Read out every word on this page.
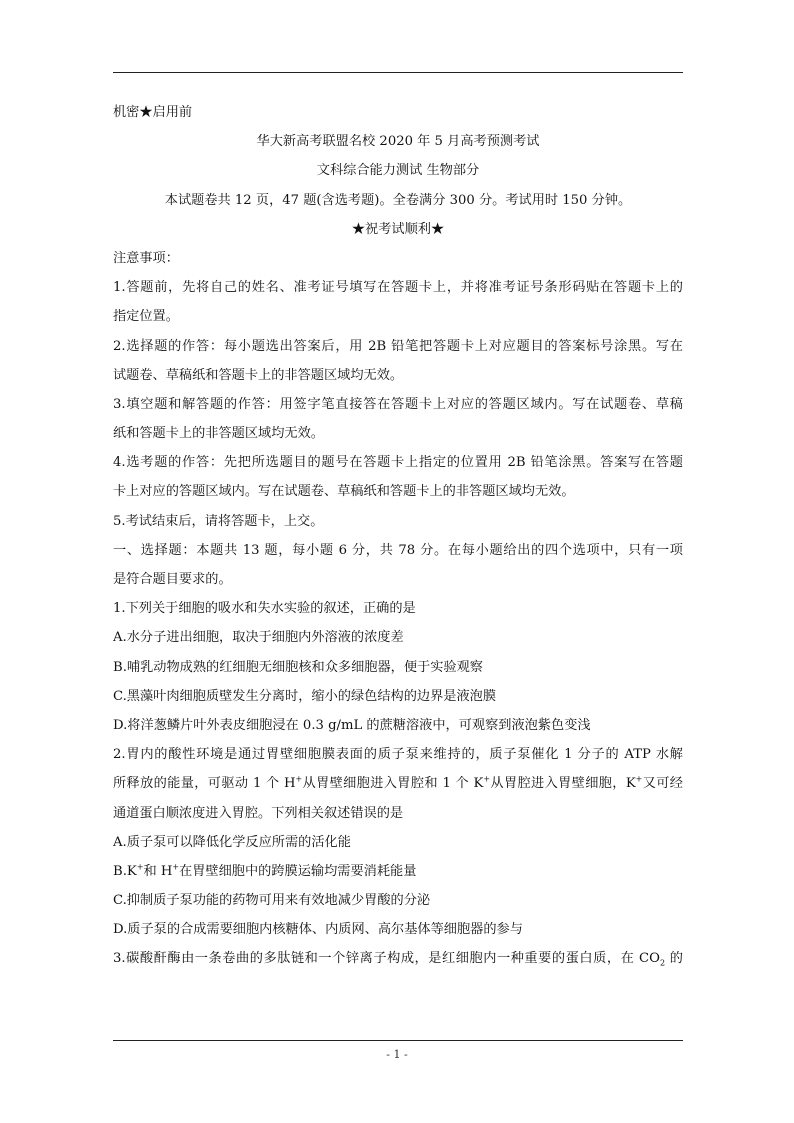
机密★启用前
华大新高考联盟名校 2020 年 5 月高考预测考试
文科综合能力测试 生物部分
本试题卷共 12 页，47 题(含选考题)。全卷满分 300 分。考试用时 150 分钟。
★祝考试顺利★
注意事项：
1.答题前，先将自己的姓名、准考证号填写在答题卡上，并将准考证号条形码贴在答题卡上的
指定位置。
2.选择题的作答：每小题选出答案后，用 2B 铅笔把答题卡上对应题目的答案标号涂黑。写在
试题卷、草稿纸和答题卡上的非答题区域均无效。
3.填空题和解答题的作答：用签字笔直接答在答题卡上对应的答题区域内。写在试题卷、草稿
纸和答题卡上的非答题区域均无效。
4.选考题的作答：先把所选题目的题号在答题卡上指定的位置用 2B 铅笔涂黑。答案写在答题
卡上对应的答题区域内。写在试题卷、草稿纸和答题卡上的非答题区域均无效。
5.考试结束后，请将答题卡，上交。
一、选择题：本题共 13 题，每小题 6 分，共 78 分。在每小题给出的四个选项中，只有一项
是符合题目要求的。
1.下列关于细胞的吸水和失水实验的叙述，正确的是
A.水分子进出细胞，取决于细胞内外溶液的浓度差
B.哺乳动物成熟的红细胞无细胞核和众多细胞器，便于实验观察
C.黑藻叶肉细胞质壁发生分离时，缩小的绿色结构的边界是液泡膜
D.将洋葱鳞片叶外表皮细胞浸在 0.3 g/mL 的蔗糖溶液中，可观察到液泡紫色变浅
2.胃内的酸性环境是通过胃壁细胞膜表面的质子泵来维持的，质子泵催化 1 分子的 ATP 水解
所释放的能量，可驱动 1 个 H+从胃壁细胞进入胃腔和 1 个 K+从胃腔进入胃壁细胞，K+又可经
通道蛋白顺浓度进入胃腔。下列相关叙述错误的是
A.质子泵可以降低化学反应所需的活化能
B.K+和 H+在胃壁细胞中的跨膜运输均需要消耗能量
C.抑制质子泵功能的药物可用来有效地减少胃酸的分泌
D.质子泵的合成需要细胞内核糖体、内质网、高尔基体等细胞器的参与
3.碳酸酐酶由一条卷曲的多肽链和一个锌离子构成，是红细胞内一种重要的蛋白质，在 $CO_2$ 的
- 1 -
